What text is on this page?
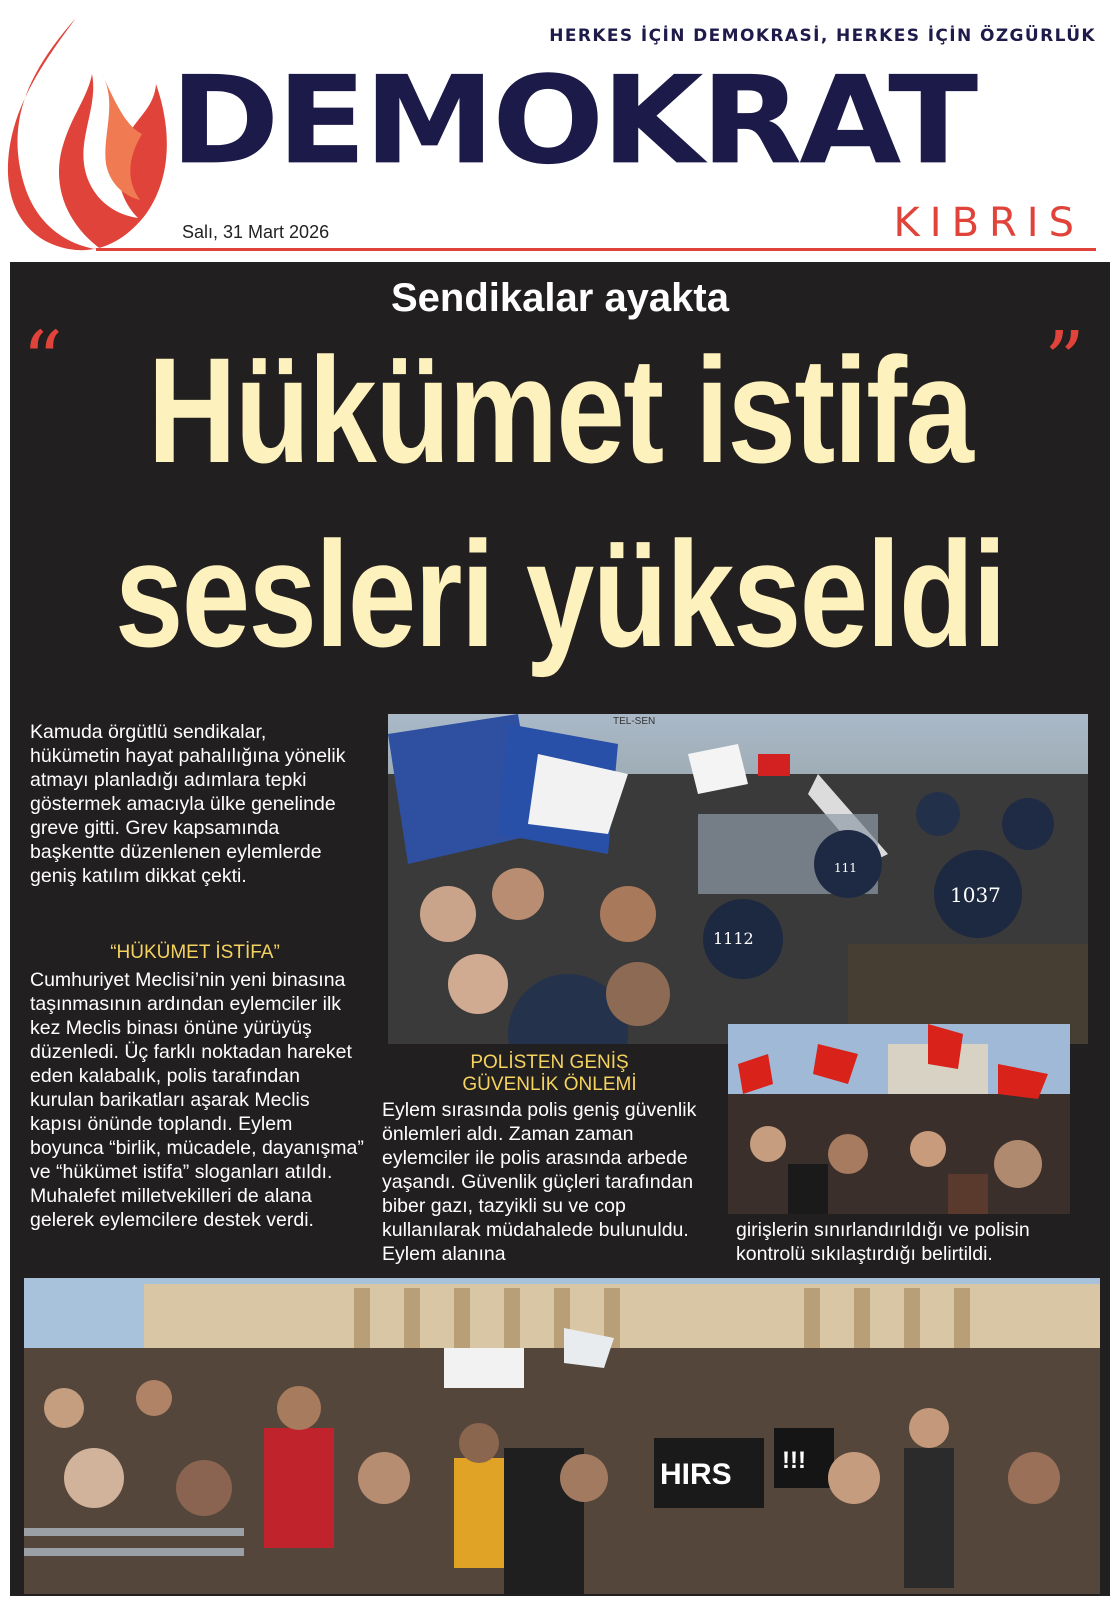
HERKES İÇİN DEMOKRASİ, HERKES İÇİN ÖZGÜRLÜK
DEMOKRAT
KIBRIS
Salı, 31 Mart 2026
Sendikalar ayakta
“	”
Hükümet istifa
sesleri yükseldi

Kamuda örgütlü sendikalar, hükümetin hayat pahalılığına yönelik atmayı planladığı adımlara tepki göstermek amacıyla ülke genelinde greve gitti. Grev kapsamında başkentte düzenlenen eylemlerde geniş katılım dikkat çekti.

“HÜKÜMET İSTİFA”

Cumhuriyet Meclisi’nin yeni binasına taşınmasının ardından eylemciler ilk kez Meclis binası önüne yürüyüş düzenledi. Üç farklı noktadan hareket eden kalabalık, polis tarafından kurulan barikatları aşarak Meclis kapısı önünde toplandı. Eylem boyunca “birlik, mücadele, dayanışma” ve “hükümet istifa” sloganları atıldı. Muhalefet milletvekilleri de alana gelerek eylemcilere destek verdi.

POLİSTEN GENİŞ
GÜVENLİK ÖNLEMİ

Eylem sırasında polis geniş güvenlik önlemleri aldı. Zaman zaman eylemciler ile polis arasında arbede yaşandı. Güvenlik güçleri tarafından biber gazı, tazyikli su ve cop kullanılarak müdahalede bulunuldu. Eylem alanına

girişlerin sınırlandırıldığı ve polisin kontrolü sıkılaştırdığı belirtildi.

1037
1112
111
TEL-SEN
HIRS !!!
